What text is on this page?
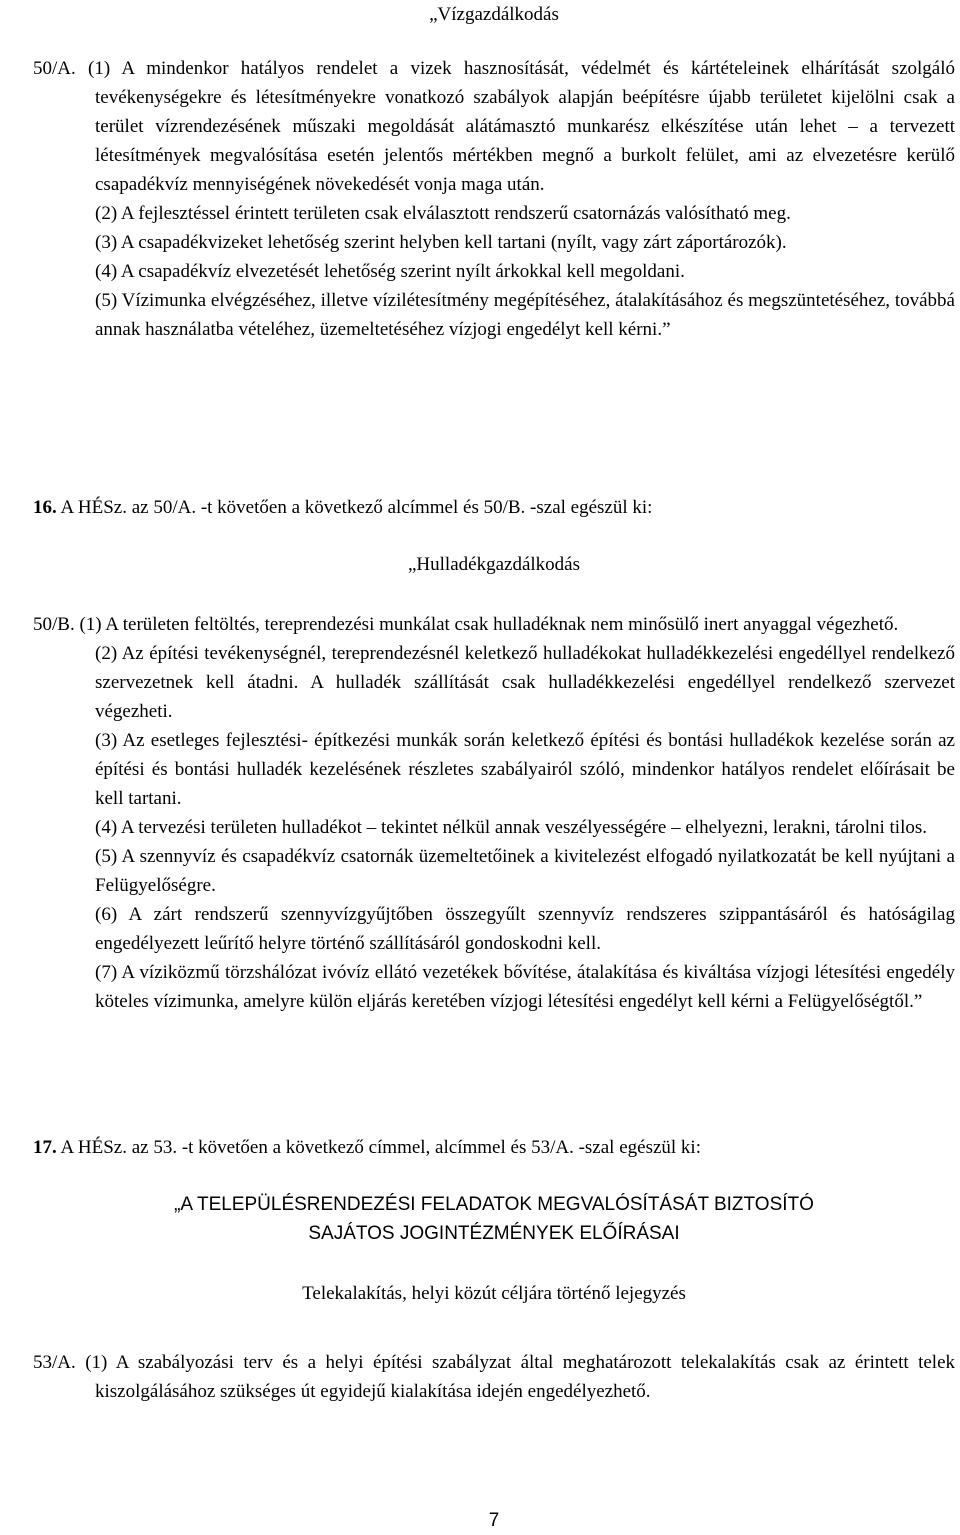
„Vízgazdálkodás

50/A. (1) A mindenkor hatályos rendelet a vizek hasznosítását, védelmét és kártételeinek elhárítását szolgáló tevékenységekre és létesítményekre vonatkozó szabályok alapján beépítésre újabb területet kijelölni csak a terület vízrendezésének műszaki megoldását alátámasztó munkarész elkészítése után lehet – a tervezett létesítmények megvalósítása esetén jelentős mértékben megnő a burkolt felület, ami az elvezetésre kerülő csapadékvíz mennyiségének növekedését vonja maga után.

(2) A fejlesztéssel érintett területen csak elválasztott rendszerű csatornázás valósítható meg.

(3) A csapadékvizeket lehetőség szerint helyben kell tartani (nyílt, vagy zárt záportározók).

(4) A csapadékvíz elvezetését lehetőség szerint nyílt árkokkal kell megoldani.

(5) Vízimunka elvégzéséhez, illetve vízilétesítmény megépítéséhez, átalakításához és megszüntetéséhez, továbbá annak használatba vételéhez, üzemeltetéséhez vízjogi engedélyt kell kérni.”

16. A HÉSz. az 50/A. -t követően a következő alcímmel és 50/B. -szal egészül ki:

„Hulladékgazdálkodás

50/B. (1) A területen feltöltés, tereprendezési munkálat csak hulladéknak nem minősülő inert anyaggal végezhető.

(2) Az építési tevékenységnél, tereprendezésnél keletkező hulladékokat hulladékkezelési engedéllyel rendelkező szervezetnek kell átadni. A hulladék szállítását csak hulladékkezelési engedéllyel rendelkező szervezet végezheti.

(3) Az esetleges fejlesztési- építkezési munkák során keletkező építési és bontási hulladékok kezelése során az építési és bontási hulladék kezelésének részletes szabályairól szóló, mindenkor hatályos rendelet előírásait be kell tartani.

(4) A tervezési területen hulladékot – tekintet nélkül annak veszélyességére – elhelyezni, lerakni, tárolni tilos.

(5) A szennyvíz és csapadékvíz csatornák üzemeltetőinek a kivitelezést elfogadó nyilatkozatát be kell nyújtani a Felügyelőségre.

(6) A zárt rendszerű szennyvízgyűjtőben összegyűlt szennyvíz rendszeres szippantásáról és hatóságilag engedélyezett leűrítő helyre történő szállításáról gondoskodni kell.

(7) A víziközmű törzshálózat ivóvíz ellátó vezetékek bővítése, átalakítása és kiváltása vízjogi létesítési engedély köteles vízimunka, amelyre külön eljárás keretében vízjogi létesítési engedélyt kell kérni a Felügyelőségtől.”

17. A HÉSz. az 53. -t követően a következő címmel, alcímmel és 53/A. -szal egészül ki:

„A TELEPÜLÉSRENDEZÉSI FELADATOK MEGVALÓSÍTÁSÁT BIZTOSÍTÓ
SAJÁTOS JOGINTÉZMÉNYEK ELŐÍRÁSAI
Telekalakítás, helyi közút céljára történő lejegyzés

53/A. (1) A szabályozási terv és a helyi építési szabályzat által meghatározott telekalakítás csak az érintett telek kiszolgálásához szükséges út egyidejű kialakítása idején engedélyezhető.

7
